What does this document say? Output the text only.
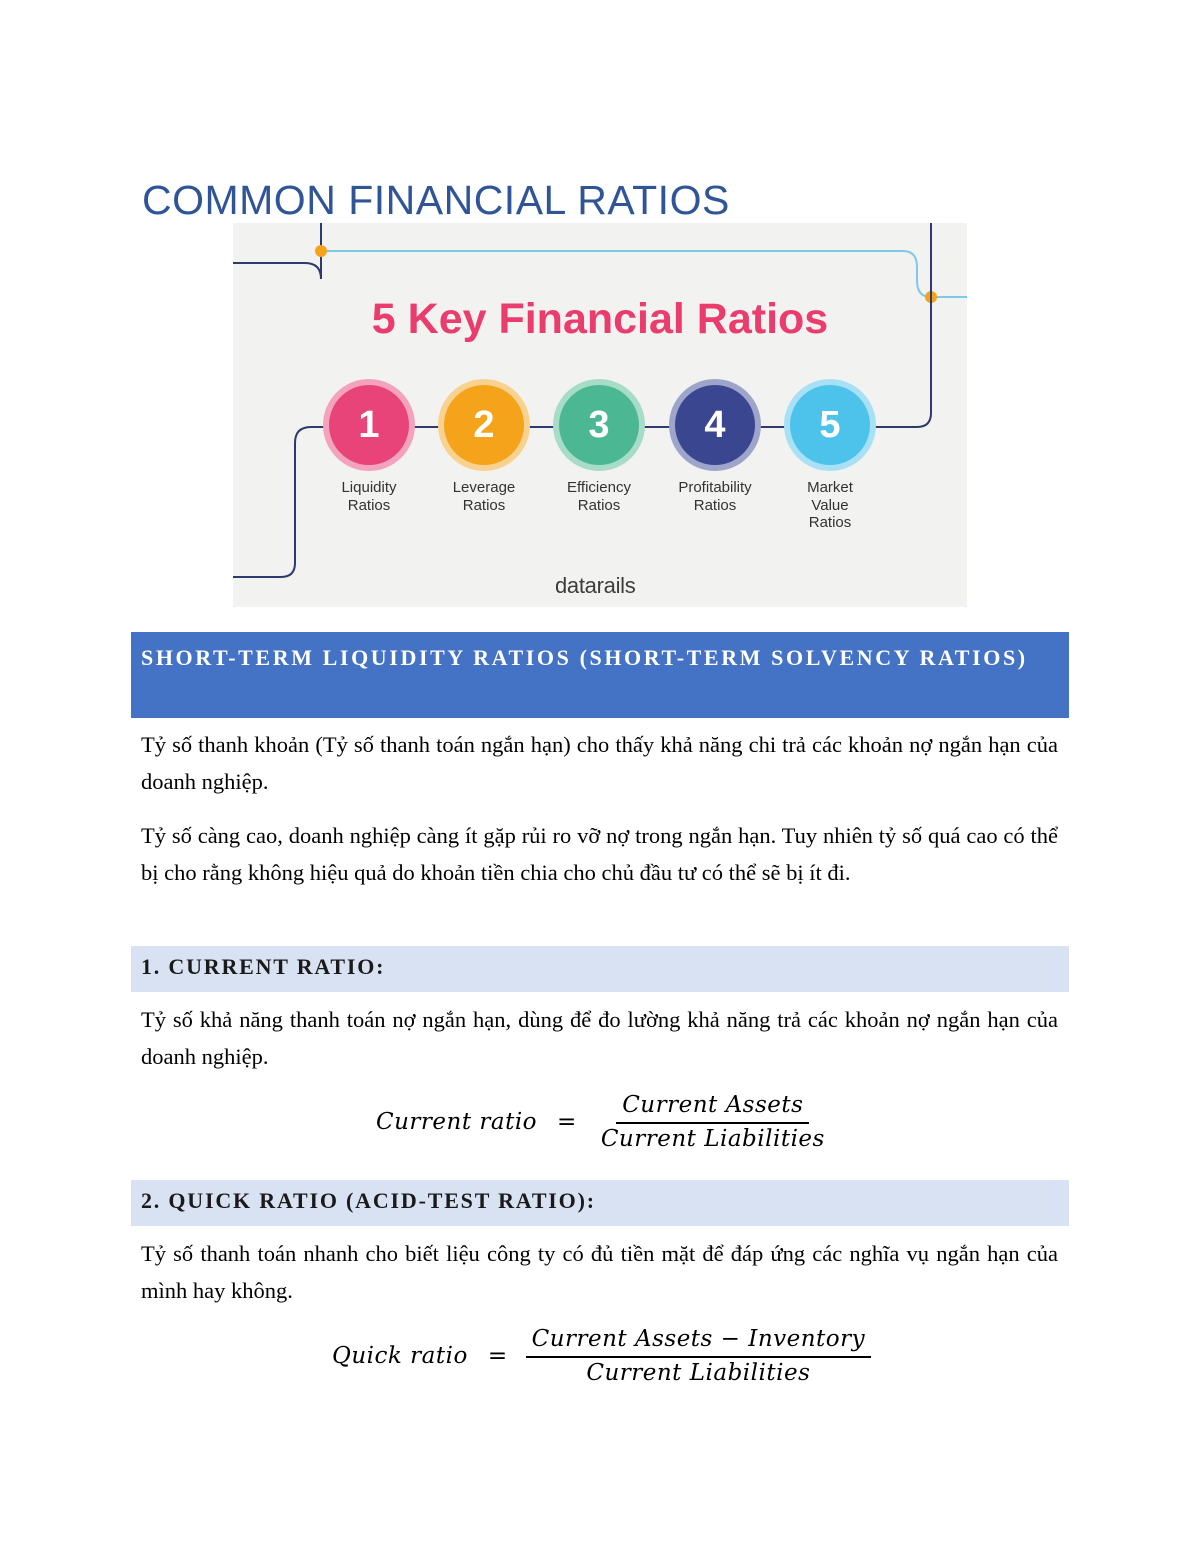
COMMON FINANCIAL RATIOS
5 Key Financial Ratios
1 2 3 4 5
Liquidity
Ratios
Leverage
Ratios
Efficiency
Ratios
Profitability
Ratios
Market
Value
Ratios
datarails
SHORT-TERM LIQUIDITY RATIOS (SHORT-TERM SOLVENCY RATIOS)

Tỷ số thanh khoản (Tỷ số thanh toán ngắn hạn) cho thấy khả năng chi trả các khoản nợ ngắn hạn của doanh nghiệp.

Tỷ số càng cao, doanh nghiệp càng ít gặp rủi ro vỡ nợ trong ngắn hạn. Tuy nhiên tỷ số quá cao có thể bị cho rằng không hiệu quả do khoản tiền chia cho chủ đầu tư có thể sẽ bị ít đi.

1. CURRENT RATIO:

Tỷ số khả năng thanh toán nợ ngắn hạn, dùng để đo lường khả năng trả các khoản nợ ngắn hạn của doanh nghiệp.

Current ratio = $\frac{\text{Current Assets}}{\text{Current Liabilities}}$
2. QUICK RATIO (ACID-TEST RATIO):

Tỷ số thanh toán nhanh cho biết liệu công ty có đủ tiền mặt để đáp ứng các nghĩa vụ ngắn hạn của mình hay không.

Quick ratio = $\frac{\text{Current Assets − Inventory}}{\text{Current Liabilities}}$
